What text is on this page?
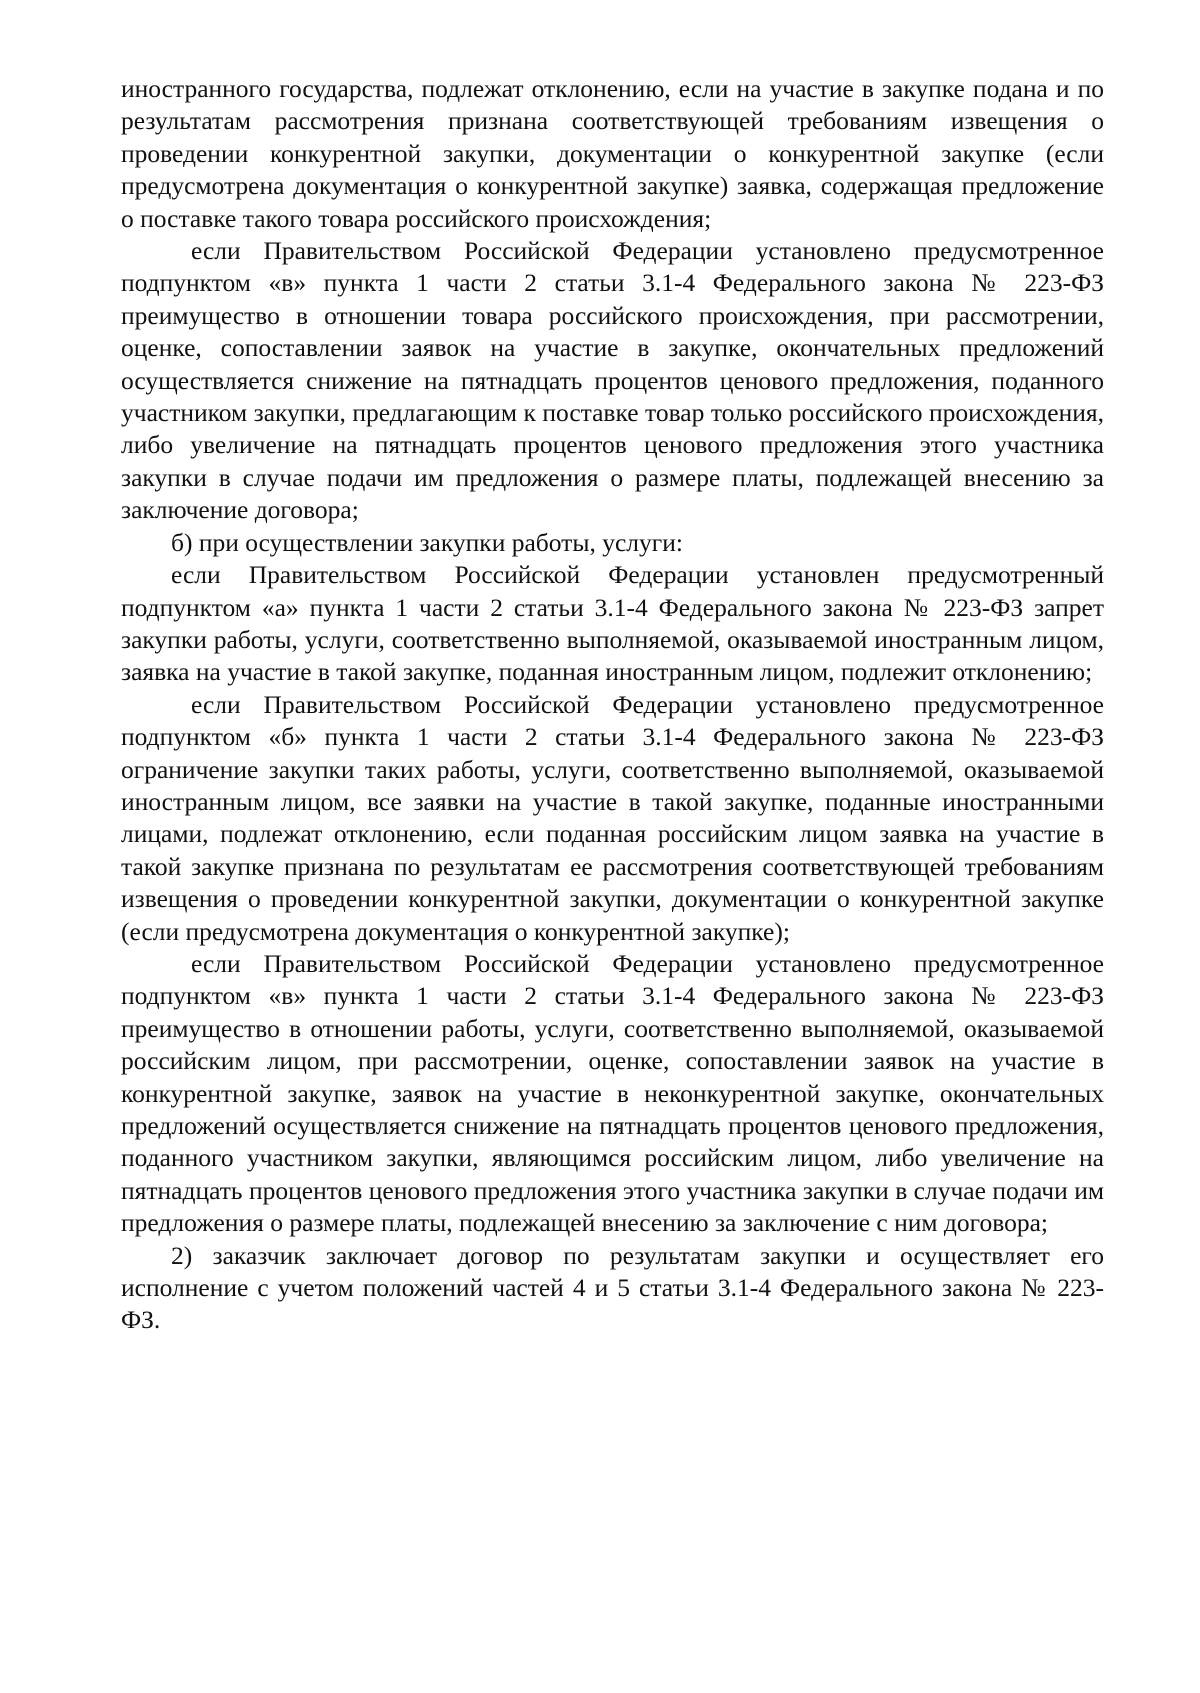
иностранного государства, подлежат отклонению, если на участие в закупке подана и по результатам рассмотрения признана соответствующей требованиям извещения о проведении конкурентной закупки, документации о конкурентной закупке (если предусмотрена документация о конкурентной закупке) заявка, содержащая предложение о поставке такого товара российского происхождения;

если Правительством Российской Федерации установлено предусмотренное подпунктом «в» пункта 1 части 2 статьи 3.1-4 Федерального закона № 223-ФЗ преимущество в отношении товара российского происхождения, при рассмотрении, оценке, сопоставлении заявок на участие в закупке, окончательных предложений осуществляется снижение на пятнадцать процентов ценового предложения, поданного участником закупки, предлагающим к поставке товар только российского происхождения, либо увеличение на пятнадцать процентов ценового предложения этого участника закупки в случае подачи им предложения о размере платы, подлежащей внесению за заключение договора;

б) при осуществлении закупки работы, услуги:

если Правительством Российской Федерации установлен предусмотренный подпунктом «а» пункта 1 части 2 статьи 3.1-4 Федерального закона № 223-ФЗ запрет закупки работы, услуги, соответственно выполняемой, оказываемой иностранным лицом, заявка на участие в такой закупке, поданная иностранным лицом, подлежит отклонению;

если Правительством Российской Федерации установлено предусмотренное подпунктом «б» пункта 1 части 2 статьи 3.1-4 Федерального закона № 223-ФЗ ограничение закупки таких работы, услуги, соответственно выполняемой, оказываемой иностранным лицом, все заявки на участие в такой закупке, поданные иностранными лицами, подлежат отклонению, если поданная российским лицом заявка на участие в такой закупке признана по результатам ее рассмотрения соответствующей требованиям извещения о проведении конкурентной закупки, документации о конкурентной закупке (если предусмотрена документация о конкурентной закупке);

если Правительством Российской Федерации установлено предусмотренное подпунктом «в» пункта 1 части 2 статьи 3.1-4 Федерального закона № 223-ФЗ преимущество в отношении работы, услуги, соответственно выполняемой, оказываемой российским лицом, при рассмотрении, оценке, сопоставлении заявок на участие в конкурентной закупке, заявок на участие в неконкурентной закупке, окончательных предложений осуществляется снижение на пятнадцать процентов ценового предложения, поданного участником закупки, являющимся российским лицом, либо увеличение на пятнадцать процентов ценового предложения этого участника закупки в случае подачи им предложения о размере платы, подлежащей внесению за заключение с ним договора;

2) заказчик заключает договор по результатам закупки и осуществляет его исполнение с учетом положений частей 4 и 5 статьи 3.1-4 Федерального закона № 223-ФЗ.
